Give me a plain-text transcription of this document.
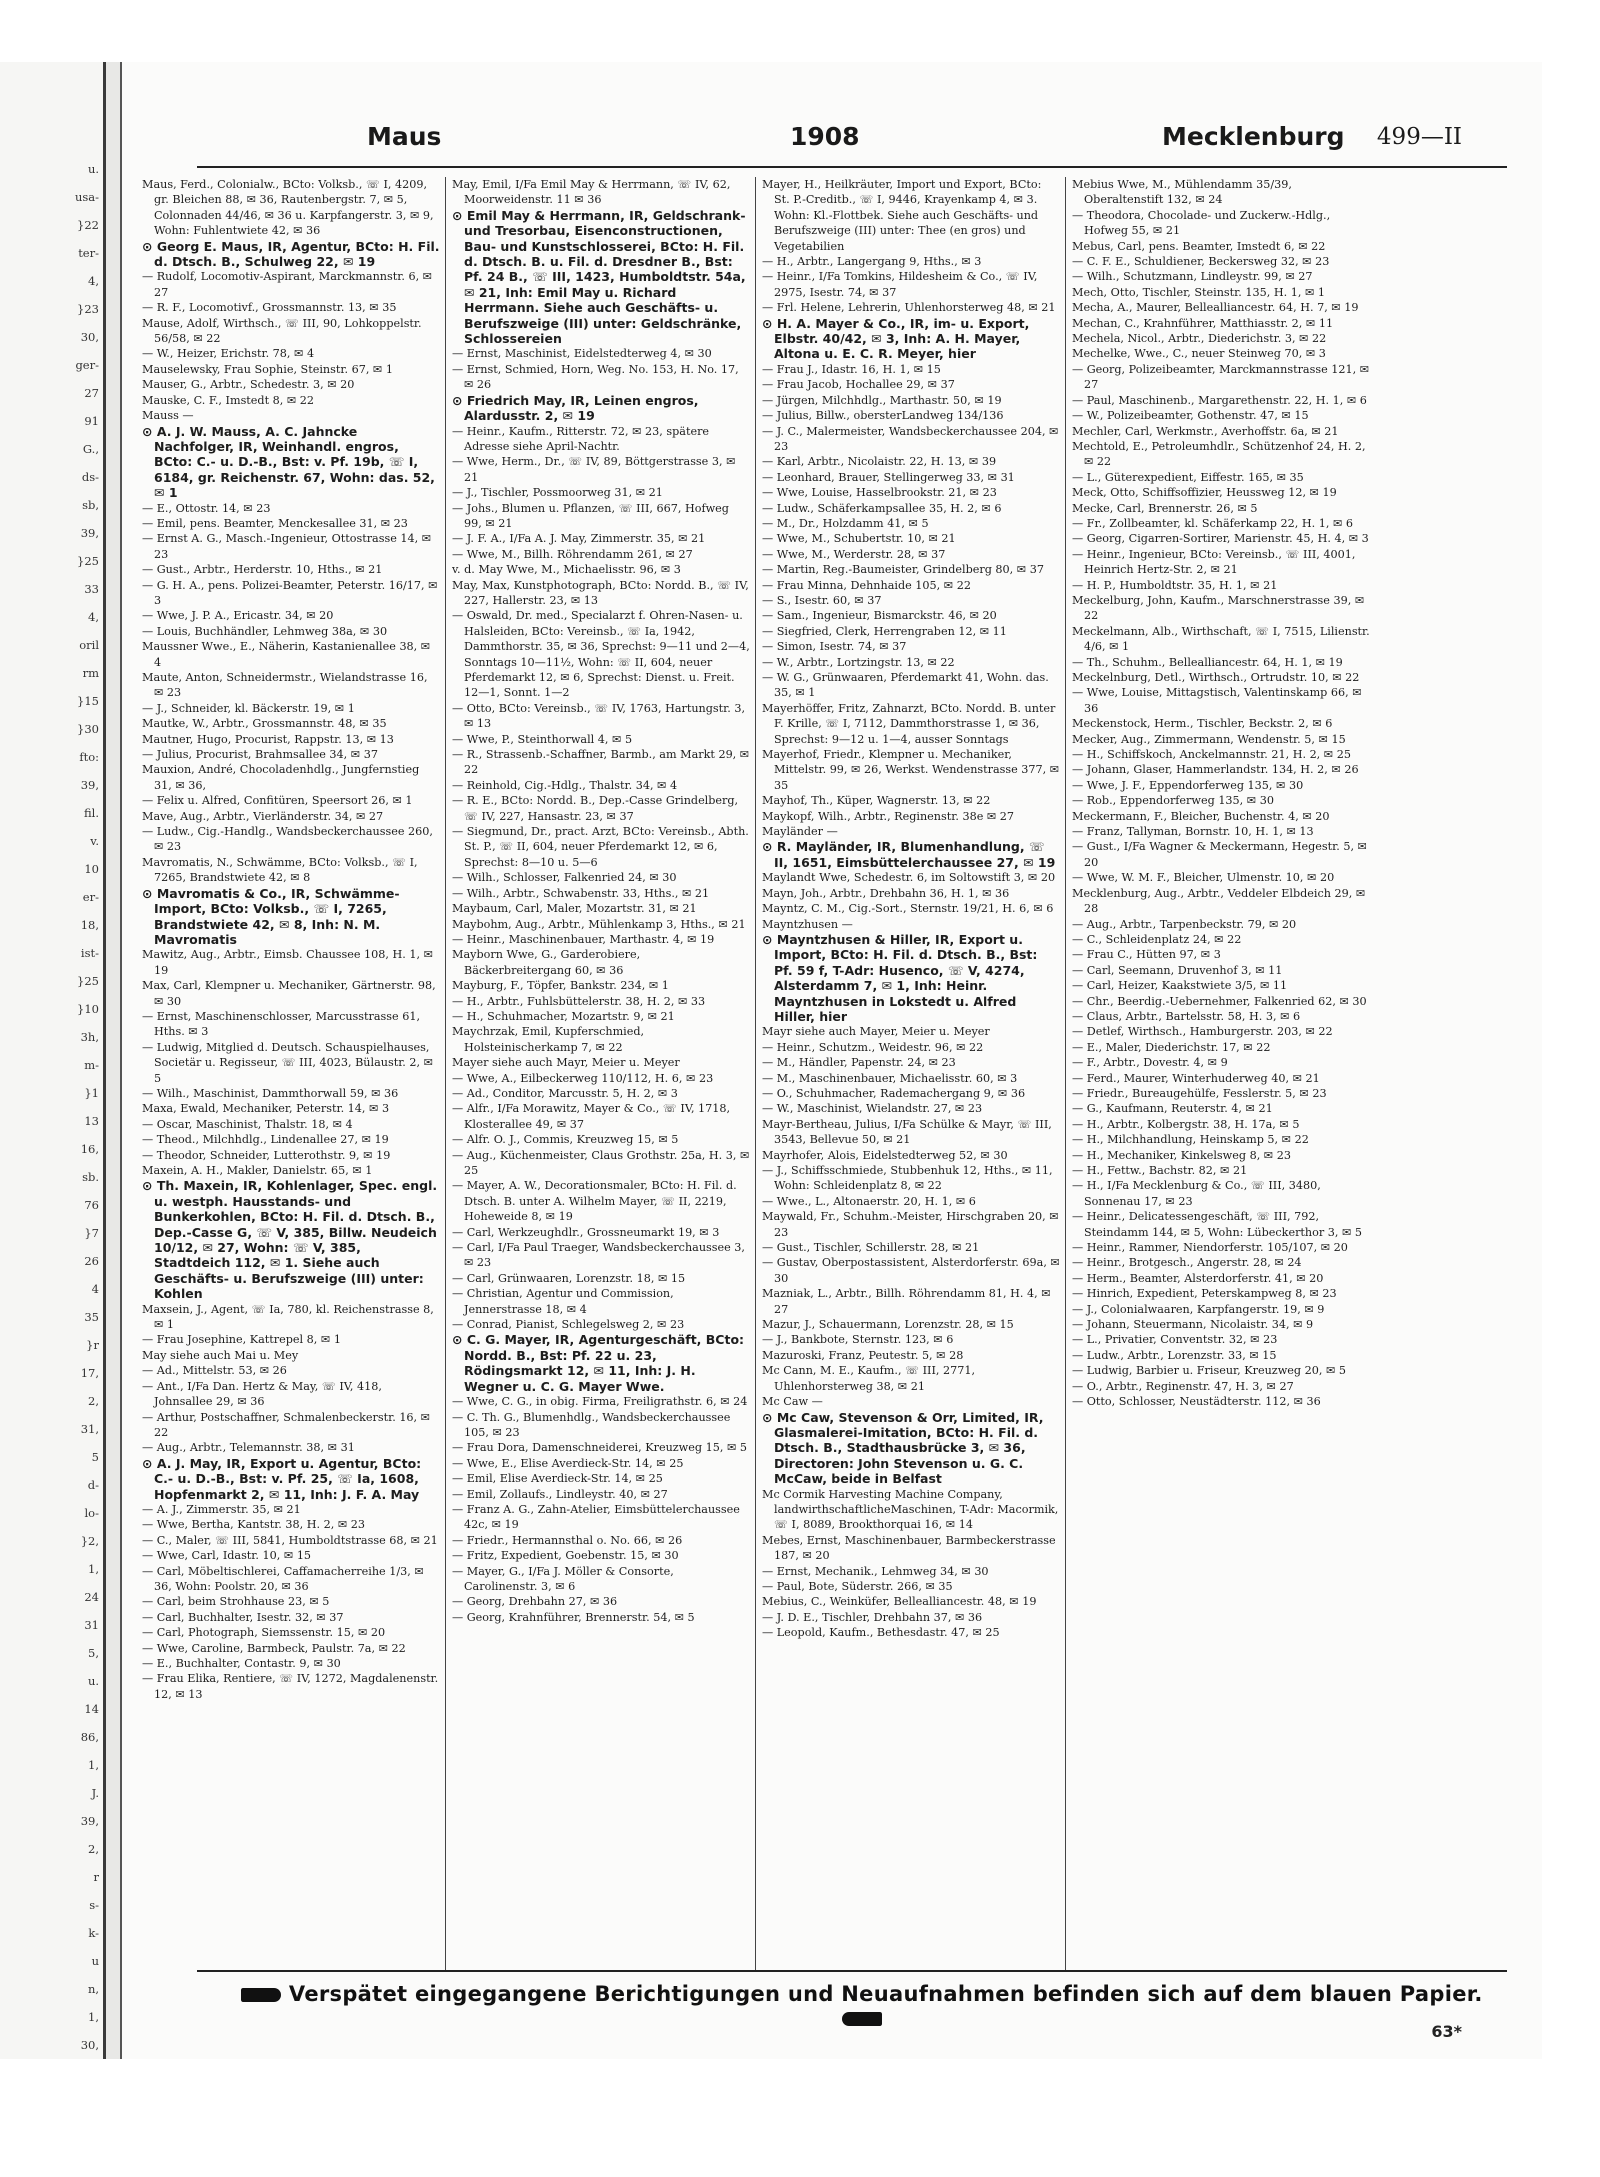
u.
usa-
}22
ter-
4,
}23
30,
ger-
27
91
G.,
ds-
sb,
39,
}25
33
4,
oril
rm
}15
}30
fto:
39,
fil.
v.
10
er-
18,
ist-
}25
}10
3h,
m-
}1
13
16,
sb.
76
}7
26
4
35
}r
17,
2,
31,
5
d-
lo-
}2,
1,
24
31
5,
u.
14
86,
1,
J.
39,
2,
r
s-
k-
u
n,
1,
30,
Maus	1908	Mecklenburg 499—II

Maus, Ferd., Colonialw., BCto: Volksb., ☏ I, 4209, gr. Bleichen 88, ✉ 36, Rautenbergstr. 7, ✉ 5, Colonnaden 44/46, ✉ 36 u. Karpfangerstr. 3, ✉ 9, Wohn: Fuhlentwiete 42, ✉ 36

⊙ Georg E. Maus, IR, Agentur, BCto: H. Fil. d. Dtsch. B., Schulweg 22, ✉ 19

— Rudolf, Locomotiv-Aspirant, Marckmannstr. 6, ✉ 27

— R. F., Locomotivf., Grossmannstr. 13, ✉ 35

Mause, Adolf, Wirthsch., ☏ III, 90, Lohkoppelstr. 56/58, ✉ 22

— W., Heizer, Erichstr. 78, ✉ 4

Mauselewsky, Frau Sophie, Steinstr. 67, ✉ 1

Mauser, G., Arbtr., Schedestr. 3, ✉ 20

Mauske, C. F., Imstedt 8, ✉ 22

Mauss —

⊙ A. J. W. Mauss, A. C. Jahncke Nachfolger, IR, Weinhandl. engros, BCto: C.- u. D.-B., Bst: v. Pf. 19b, ☏ I, 6184, gr. Reichenstr. 67, Wohn: das. 52, ✉ 1

— E., Ottostr. 14, ✉ 23

— Emil, pens. Beamter, Menckesallee 31, ✉ 23

— Ernst A. G., Masch.-Ingenieur, Ottostrasse 14, ✉ 23

— Gust., Arbtr., Herderstr. 10, Hths., ✉ 21

— G. H. A., pens. Polizei-Beamter, Peterstr. 16/17, ✉ 3

— Wwe, J. P. A., Ericastr. 34, ✉ 20

— Louis, Buchhändler, Lehmweg 38a, ✉ 30

Maussner Wwe., E., Näherin, Kastanienallee 38, ✉ 4

Maute, Anton, Schneidermstr., Wielandstrasse 16, ✉ 23

— J., Schneider, kl. Bäckerstr. 19, ✉ 1

Mautke, W., Arbtr., Grossmannstr. 48, ✉ 35

Mautner, Hugo, Procurist, Rappstr. 13, ✉ 13

— Julius, Procurist, Brahmsallee 34, ✉ 37

Mauxion, André, Chocoladenhdlg., Jungfernstieg 31, ✉ 36,

— Felix u. Alfred, Confitüren, Speersort 26, ✉ 1

Mave, Aug., Arbtr., Vierländerstr. 34, ✉ 27

— Ludw., Cig.-Handlg., Wandsbeckerchaussee 260, ✉ 23

Mavromatis, N., Schwämme, BCto: Volksb., ☏ I, 7265, Brandstwiete 42, ✉ 8

⊙ Mavromatis & Co., IR, Schwämme-Import, BCto: Volksb., ☏ I, 7265, Brandstwiete 42, ✉ 8, Inh: N. M. Mavromatis

Mawitz, Aug., Arbtr., Eimsb. Chaussee 108, H. 1, ✉ 19

Max, Carl, Klempner u. Mechaniker, Gärtnerstr. 98, ✉ 30

— Ernst, Maschinenschlosser, Marcusstrasse 61, Hths. ✉ 3

— Ludwig, Mitglied d. Deutsch. Schauspielhauses, Societär u. Regisseur, ☏ III, 4023, Bülaustr. 2, ✉ 5

— Wilh., Maschinist, Dammthorwall 59, ✉ 36

Maxa, Ewald, Mechaniker, Peterstr. 14, ✉ 3

— Oscar, Maschinist, Thalstr. 18, ✉ 4

— Theod., Milchhdlg., Lindenallee 27, ✉ 19

— Theodor, Schneider, Lutterothstr. 9, ✉ 19

Maxein, A. H., Makler, Danielstr. 65, ✉ 1

⊙ Th. Maxein, IR, Kohlenlager, Spec. engl. u. westph. Hausstands- und Bunkerkohlen, BCto: H. Fil. d. Dtsch. B., Dep.-Casse G, ☏ V, 385, Billw. Neudeich 10/12, ✉ 27, Wohn: ☏ V, 385, Stadtdeich 112, ✉ 1. Siehe auch Geschäfts- u. Berufszweige (III) unter: Kohlen

Maxsein, J., Agent, ☏ Ia, 780, kl. Reichenstrasse 8, ✉ 1

— Frau Josephine, Kattrepel 8, ✉ 1

May siehe auch Mai u. Mey

— Ad., Mittelstr. 53, ✉ 26

— Ant., I/Fa Dan. Hertz & May, ☏ IV, 418, Johnsallee 29, ✉ 36

— Arthur, Postschaffner, Schmalenbeckerstr. 16, ✉ 22

— Aug., Arbtr., Telemannstr. 38, ✉ 31

⊙ A. J. May, IR, Export u. Agentur, BCto: C.- u. D.-B., Bst: v. Pf. 25, ☏ Ia, 1608, Hopfenmarkt 2, ✉ 11, Inh: J. F. A. May

— A. J., Zimmerstr. 35, ✉ 21

— Wwe, Bertha, Kantstr. 38, H. 2, ✉ 23

— C., Maler, ☏ III, 5841, Humboldtstrasse 68, ✉ 21

— Wwe, Carl, Idastr. 10, ✉ 15

— Carl, Möbeltischlerei, Caffamacherreihe 1/3, ✉ 36, Wohn: Poolstr. 20, ✉ 36

— Carl, beim Strohhause 23, ✉ 5

— Carl, Buchhalter, Isestr. 32, ✉ 37

— Carl, Photograph, Siemssenstr. 15, ✉ 20

— Wwe, Caroline, Barmbeck, Paulstr. 7a, ✉ 22

— E., Buchhalter, Contastr. 9, ✉ 30

— Frau Elika, Rentiere, ☏ IV, 1272, Magdalenenstr. 12, ✉ 13

May, Emil, I/Fa Emil May & Herrmann, ☏ IV, 62, Moorweidenstr. 11 ✉ 36

⊙ Emil May & Herrmann, IR, Geldschrank- und Tresorbau, Eisenconstructionen, Bau- und Kunstschlosserei, BCto: H. Fil. d. Dtsch. B. u. Fil. d. Dresdner B., Bst: Pf. 24 B., ☏ III, 1423, Humboldtstr. 54a, ✉ 21, Inh: Emil May u. Richard Herrmann. Siehe auch Geschäfts- u. Berufszweige (III) unter: Geldschränke, Schlossereien

— Ernst, Maschinist, Eidelstedterweg 4, ✉ 30

— Ernst, Schmied, Horn, Weg. No. 153, H. No. 17, ✉ 26

⊙ Friedrich May, IR, Leinen engros, Alardusstr. 2, ✉ 19

— Heinr., Kaufm., Ritterstr. 72, ✉ 23, spätere Adresse siehe April-Nachtr.

— Wwe, Herm., Dr., ☏ IV, 89, Böttgerstrasse 3, ✉ 21

— J., Tischler, Possmoorweg 31, ✉ 21

— Johs., Blumen u. Pflanzen, ☏ III, 667, Hofweg 99, ✉ 21

— J. F. A., I/Fa A. J. May, Zimmerstr. 35, ✉ 21

— Wwe, M., Billh. Röhrendamm 261, ✉ 27

v. d. May Wwe, M., Michaelisstr. 96, ✉ 3

May, Max, Kunstphotograph, BCto: Nordd. B., ☏ IV, 227, Hallerstr. 23, ✉ 13

— Oswald, Dr. med., Specialarzt f. Ohren-Nasen- u. Halsleiden, BCto: Vereinsb., ☏ Ia, 1942, Dammthorstr. 35, ✉ 36, Sprechst: 9—11 und 2—4, Sonntags 10—11½, Wohn: ☏ II, 604, neuer Pferdemarkt 12, ✉ 6, Sprechst: Dienst. u. Freit. 12—1, Sonnt. 1—2

— Otto, BCto: Vereinsb., ☏ IV, 1763, Hartungstr. 3, ✉ 13

— Wwe, P., Steinthorwall 4, ✉ 5

— R., Strassenb.-Schaffner, Barmb., am Markt 29, ✉ 22

— Reinhold, Cig.-Hdlg., Thalstr. 34, ✉ 4

— R. E., BCto: Nordd. B., Dep.-Casse Grindelberg, ☏ IV, 227, Hansastr. 23, ✉ 37

— Siegmund, Dr., pract. Arzt, BCto: Vereinsb., Abth. St. P., ☏ II, 604, neuer Pferdemarkt 12, ✉ 6, Sprechst: 8—10 u. 5—6

— Wilh., Schlosser, Falkenried 24, ✉ 30

— Wilh., Arbtr., Schwabenstr. 33, Hths., ✉ 21

Maybaum, Carl, Maler, Mozartstr. 31, ✉ 21

Maybohm, Aug., Arbtr., Mühlenkamp 3, Hths., ✉ 21

— Heinr., Maschinenbauer, Marthastr. 4, ✉ 19

Mayborn Wwe, G., Garderobiere, Bäckerbreitergang 60, ✉ 36

Mayburg, F., Töpfer, Bankstr. 234, ✉ 1

— H., Arbtr., Fuhlsbüttelerstr. 38, H. 2, ✉ 33

— H., Schuhmacher, Mozartstr. 9, ✉ 21

Maychrzak, Emil, Kupferschmied, Holsteinischerkamp 7, ✉ 22

Mayer siehe auch Mayr, Meier u. Meyer

— Wwe, A., Eilbeckerweg 110/112, H. 6, ✉ 23

— Ad., Conditor, Marcusstr. 5, H. 2, ✉ 3

— Alfr., I/Fa Morawitz, Mayer & Co., ☏ IV, 1718, Klosterallee 49, ✉ 37

— Alfr. O. J., Commis, Kreuzweg 15, ✉ 5

— Aug., Küchenmeister, Claus Grothstr. 25a, H. 3, ✉ 25

— Mayer, A. W., Decorationsmaler, BCto: H. Fil. d. Dtsch. B. unter A. Wilhelm Mayer, ☏ II, 2219, Hoheweide 8, ✉ 19

— Carl, Werkzeughdlr., Grossneumarkt 19, ✉ 3

— Carl, I/Fa Paul Traeger, Wandsbeckerchaussee 3, ✉ 23

— Carl, Grünwaaren, Lorenzstr. 18, ✉ 15

— Christian, Agentur und Commission, Jennerstrasse 18, ✉ 4

— Conrad, Pianist, Schlegelsweg 2, ✉ 23

⊙ C. G. Mayer, IR, Agenturgeschäft, BCto: Nordd. B., Bst: Pf. 22 u. 23, Rödingsmarkt 12, ✉ 11, Inh: J. H. Wegner u. C. G. Mayer Wwe.

— Wwe, C. G., in obig. Firma, Freiligrathstr. 6, ✉ 24

— C. Th. G., Blumenhdlg., Wandsbeckerchaussee 105, ✉ 23

— Frau Dora, Damenschneiderei, Kreuzweg 15, ✉ 5

— Wwe, E., Elise Averdieck-Str. 14, ✉ 25

— Emil, Elise Averdieck-Str. 14, ✉ 25

— Emil, Zollaufs., Lindleystr. 40, ✉ 27

— Franz A. G., Zahn-Atelier, Eimsbüttelerchaussee 42c, ✉ 19

— Friedr., Hermannsthal o. No. 66, ✉ 26

— Fritz, Expedient, Goebenstr. 15, ✉ 30

— Mayer, G., I/Fa J. Möller & Consorte, Carolinenstr. 3, ✉ 6

— Georg, Drehbahn 27, ✉ 36

— Georg, Krahnführer, Brennerstr. 54, ✉ 5

Mayer, H., Heilkräuter, Import und Export, BCto: St. P.-Creditb., ☏ I, 9446, Krayenkamp 4, ✉ 3. Wohn: Kl.-Flottbek. Siehe auch Geschäfts- und Berufszweige (III) unter: Thee (en gros) und Vegetabilien

— H., Arbtr., Langergang 9, Hths., ✉ 3

— Heinr., I/Fa Tomkins, Hildesheim & Co., ☏ IV, 2975, Isestr. 74, ✉ 37

— Frl. Helene, Lehrerin, Uhlenhorsterweg 48, ✉ 21

⊙ H. A. Mayer & Co., IR, im- u. Export, Elbstr. 40/42, ✉ 3, Inh: A. H. Mayer, Altona u. E. C. R. Meyer, hier

— Frau J., Idastr. 16, H. 1, ✉ 15

— Frau Jacob, Hochallee 29, ✉ 37

— Jürgen, Milchhdlg., Marthastr. 50, ✉ 19

— Julius, Billw., obersterLandweg 134/136

— J. C., Malermeister, Wandsbeckerchaussee 204, ✉ 23

— Karl, Arbtr., Nicolaistr. 22, H. 13, ✉ 39

— Leonhard, Brauer, Stellingerweg 33, ✉ 31

— Wwe, Louise, Hasselbrookstr. 21, ✉ 23

— Ludw., Schäferkampsallee 35, H. 2, ✉ 6

— M., Dr., Holzdamm 41, ✉ 5

— Wwe, M., Schubertstr. 10, ✉ 21

— Wwe, M., Werderstr. 28, ✉ 37

— Martin, Reg.-Baumeister, Grindelberg 80, ✉ 37

— Frau Minna, Dehnhaide 105, ✉ 22

— S., Isestr. 60, ✉ 37

— Sam., Ingenieur, Bismarckstr. 46, ✉ 20

— Siegfried, Clerk, Herrengraben 12, ✉ 11

— Simon, Isestr. 74, ✉ 37

— W., Arbtr., Lortzingstr. 13, ✉ 22

— W. G., Grünwaaren, Pferdemarkt 41, Wohn. das. 35, ✉ 1

Mayerhöffer, Fritz, Zahnarzt, BCto. Nordd. B. unter F. Krille, ☏ I, 7112, Dammthorstrasse 1, ✉ 36, Sprechst: 9—12 u. 1—4, ausser Sonntags

Mayerhof, Friedr., Klempner u. Mechaniker, Mittelstr. 99, ✉ 26, Werkst. Wendenstrasse 377, ✉ 35

Mayhof, Th., Küper, Wagnerstr. 13, ✉ 22

Maykopf, Wilh., Arbtr., Reginenstr. 38e ✉ 27

Mayländer —

⊙ R. Mayländer, IR, Blumenhandlung, ☏ II, 1651, Eimsbüttelerchaussee 27, ✉ 19

Maylandt Wwe, Schedestr. 6, im Soltowstift 3, ✉ 20

Mayn, Joh., Arbtr., Drehbahn 36, H. 1, ✉ 36

Mayntz, C. M., Cig.-Sort., Sternstr. 19/21, H. 6, ✉ 6

Mayntzhusen —

⊙ Mayntzhusen & Hiller, IR, Export u. Import, BCto: H. Fil. d. Dtsch. B., Bst: Pf. 59 f, T-Adr: Husenco, ☏ V, 4274, Alsterdamm 7, ✉ 1, Inh: Heinr. Mayntzhusen in Lokstedt u. Alfred Hiller, hier

Mayr siehe auch Mayer, Meier u. Meyer

— Heinr., Schutzm., Weidestr. 96, ✉ 22

— M., Händler, Papenstr. 24, ✉ 23

— M., Maschinenbauer, Michaelisstr. 60, ✉ 3

— O., Schuhmacher, Rademachergang 9, ✉ 36

— W., Maschinist, Wielandstr. 27, ✉ 23

Mayr-Bertheau, Julius, I/Fa Schülke & Mayr, ☏ III, 3543, Bellevue 50, ✉ 21

Mayrhofer, Alois, Eidelstedterweg 52, ✉ 30

— J., Schiffsschmiede, Stubbenhuk 12, Hths., ✉ 11, Wohn: Schleidenplatz 8, ✉ 22

— Wwe., L., Altonaerstr. 20, H. 1, ✉ 6

Maywald, Fr., Schuhm.-Meister, Hirschgraben 20, ✉ 23

— Gust., Tischler, Schillerstr. 28, ✉ 21

— Gustav, Oberpostassistent, Alsterdorferstr. 69a, ✉ 30

Mazniak, L., Arbtr., Billh. Röhrendamm 81, H. 4, ✉ 27

Mazur, J., Schauermann, Lorenzstr. 28, ✉ 15

— J., Bankbote, Sternstr. 123, ✉ 6

Mazuroski, Franz, Peutestr. 5, ✉ 28

Mc Cann, M. E., Kaufm., ☏ III, 2771, Uhlenhorsterweg 38, ✉ 21

Mc Caw —

⊙ Mc Caw, Stevenson & Orr, Limited, IR, Glasmalerei-Imitation, BCto: H. Fil. d. Dtsch. B., Stadthausbrücke 3, ✉ 36, Directoren: John Stevenson u. G. C. McCaw, beide in Belfast

Mc Cormik Harvesting Machine Company, landwirthschaftlicheMaschinen, T-Adr: Macormik, ☏ I, 8089, Brookthorquai 16, ✉ 14

Mebes, Ernst, Maschinenbauer, Barmbeckerstrasse 187, ✉ 20

— Ernst, Mechanik., Lehmweg 34, ✉ 30

— Paul, Bote, Süderstr. 266, ✉ 35

Mebius, C., Weinküfer, Bellealliancestr. 48, ✉ 19

— J. D. E., Tischler, Drehbahn 37, ✉ 36

— Leopold, Kaufm., Bethesdastr. 47, ✉ 25

Mebius Wwe, M., Mühlendamm 35/39, Oberaltenstift 132, ✉ 24

— Theodora, Chocolade- und Zuckerw.-Hdlg., Hofweg 55, ✉ 21

Mebus, Carl, pens. Beamter, Imstedt 6, ✉ 22

— C. F. E., Schuldiener, Beckersweg 32, ✉ 23

— Wilh., Schutzmann, Lindleystr. 99, ✉ 27

Mech, Otto, Tischler, Steinstr. 135, H. 1, ✉ 1

Mecha, A., Maurer, Bellealliancestr. 64, H. 7, ✉ 19

Mechan, C., Krahnführer, Matthiasstr. 2, ✉ 11

Mechela, Nicol., Arbtr., Diederichstr. 3, ✉ 22

Mechelke, Wwe., C., neuer Steinweg 70, ✉ 3

— Georg, Polizeibeamter, Marckmannstrasse 121, ✉ 27

— Paul, Maschinenb., Margarethenstr. 22, H. 1, ✉ 6

— W., Polizeibeamter, Gothenstr. 47, ✉ 15

Mechler, Carl, Werkmstr., Averhoffstr. 6a, ✉ 21

Mechtold, E., Petroleumhdlr., Schützenhof 24, H. 2, ✉ 22

— L., Güterexpedient, Eiffestr. 165, ✉ 35

Meck, Otto, Schiffsoffizier, Heussweg 12, ✉ 19

Mecke, Carl, Brennerstr. 26, ✉ 5

— Fr., Zollbeamter, kl. Schäferkamp 22, H. 1, ✉ 6

— Georg, Cigarren-Sortirer, Marienstr. 45, H. 4, ✉ 3

— Heinr., Ingenieur, BCto: Vereinsb., ☏ III, 4001, Heinrich Hertz-Str. 2, ✉ 21

— H. P., Humboldtstr. 35, H. 1, ✉ 21

Meckelburg, John, Kaufm., Marschnerstrasse 39, ✉ 22

Meckelmann, Alb., Wirthschaft, ☏ I, 7515, Lilienstr. 4/6, ✉ 1

— Th., Schuhm., Bellealliancestr. 64, H. 1, ✉ 19

Meckelnburg, Detl., Wirthsch., Ortrudstr. 10, ✉ 22

— Wwe, Louise, Mittagstisch, Valentinskamp 66, ✉ 36

Meckenstock, Herm., Tischler, Beckstr. 2, ✉ 6

Mecker, Aug., Zimmermann, Wendenstr. 5, ✉ 15

— H., Schiffskoch, Anckelmannstr. 21, H. 2, ✉ 25

— Johann, Glaser, Hammerlandstr. 134, H. 2, ✉ 26

— Wwe, J. F., Eppendorferweg 135, ✉ 30

— Rob., Eppendorferweg 135, ✉ 30

Meckermann, F., Bleicher, Buchenstr. 4, ✉ 20

— Franz, Tallyman, Bornstr. 10, H. 1, ✉ 13

— Gust., I/Fa Wagner & Meckermann, Hegestr. 5, ✉ 20

— Wwe, W. M. F., Bleicher, Ulmenstr. 10, ✉ 20

Mecklenburg, Aug., Arbtr., Veddeler Elbdeich 29, ✉ 28

— Aug., Arbtr., Tarpenbeckstr. 79, ✉ 20

— C., Schleidenplatz 24, ✉ 22

— Frau C., Hütten 97, ✉ 3

— Carl, Seemann, Druvenhof 3, ✉ 11

— Carl, Heizer, Kaakstwiete 3/5, ✉ 11

— Chr., Beerdig.-Uebernehmer, Falkenried 62, ✉ 30

— Claus, Arbtr., Bartelsstr. 58, H. 3, ✉ 6

— Detlef, Wirthsch., Hamburgerstr. 203, ✉ 22

— E., Maler, Diederichstr. 17, ✉ 22

— F., Arbtr., Dovestr. 4, ✉ 9

— Ferd., Maurer, Winterhuderweg 40, ✉ 21

— Friedr., Bureaugehülfe, Fesslerstr. 5, ✉ 23

— G., Kaufmann, Reuterstr. 4, ✉ 21

— H., Arbtr., Kolbergstr. 38, H. 17a, ✉ 5

— H., Milchhandlung, Heinskamp 5, ✉ 22

— H., Mechaniker, Kinkelsweg 8, ✉ 23

— H., Fettw., Bachstr. 82, ✉ 21

— H., I/Fa Mecklenburg & Co., ☏ III, 3480, Sonnenau 17, ✉ 23

— Heinr., Delicatessengeschäft, ☏ III, 792, Steindamm 144, ✉ 5, Wohn: Lübeckerthor 3, ✉ 5

— Heinr., Rammer, Niendorferstr. 105/107, ✉ 20

— Heinr., Brotgesch., Angerstr. 28, ✉ 24

— Herm., Beamter, Alsterdorferstr. 41, ✉ 20

— Hinrich, Expedient, Peterskampweg 8, ✉ 23

— J., Colonialwaaren, Karpfangerstr. 19, ✉ 9

— Johann, Steuermann, Nicolaistr. 34, ✉ 9

— L., Privatier, Conventstr. 32, ✉ 23

— Ludw., Arbtr., Lorenzstr. 33, ✉ 15

— Ludwig, Barbier u. Friseur, Kreuzweg 20, ✉ 5

— O., Arbtr., Reginenstr. 47, H. 3, ✉ 27

— Otto, Schlosser, Neustädterstr. 112, ✉ 36

Verspätet eingegangene Berichtigungen und Neuaufnahmen befinden sich auf dem blauen Papier.
63*
